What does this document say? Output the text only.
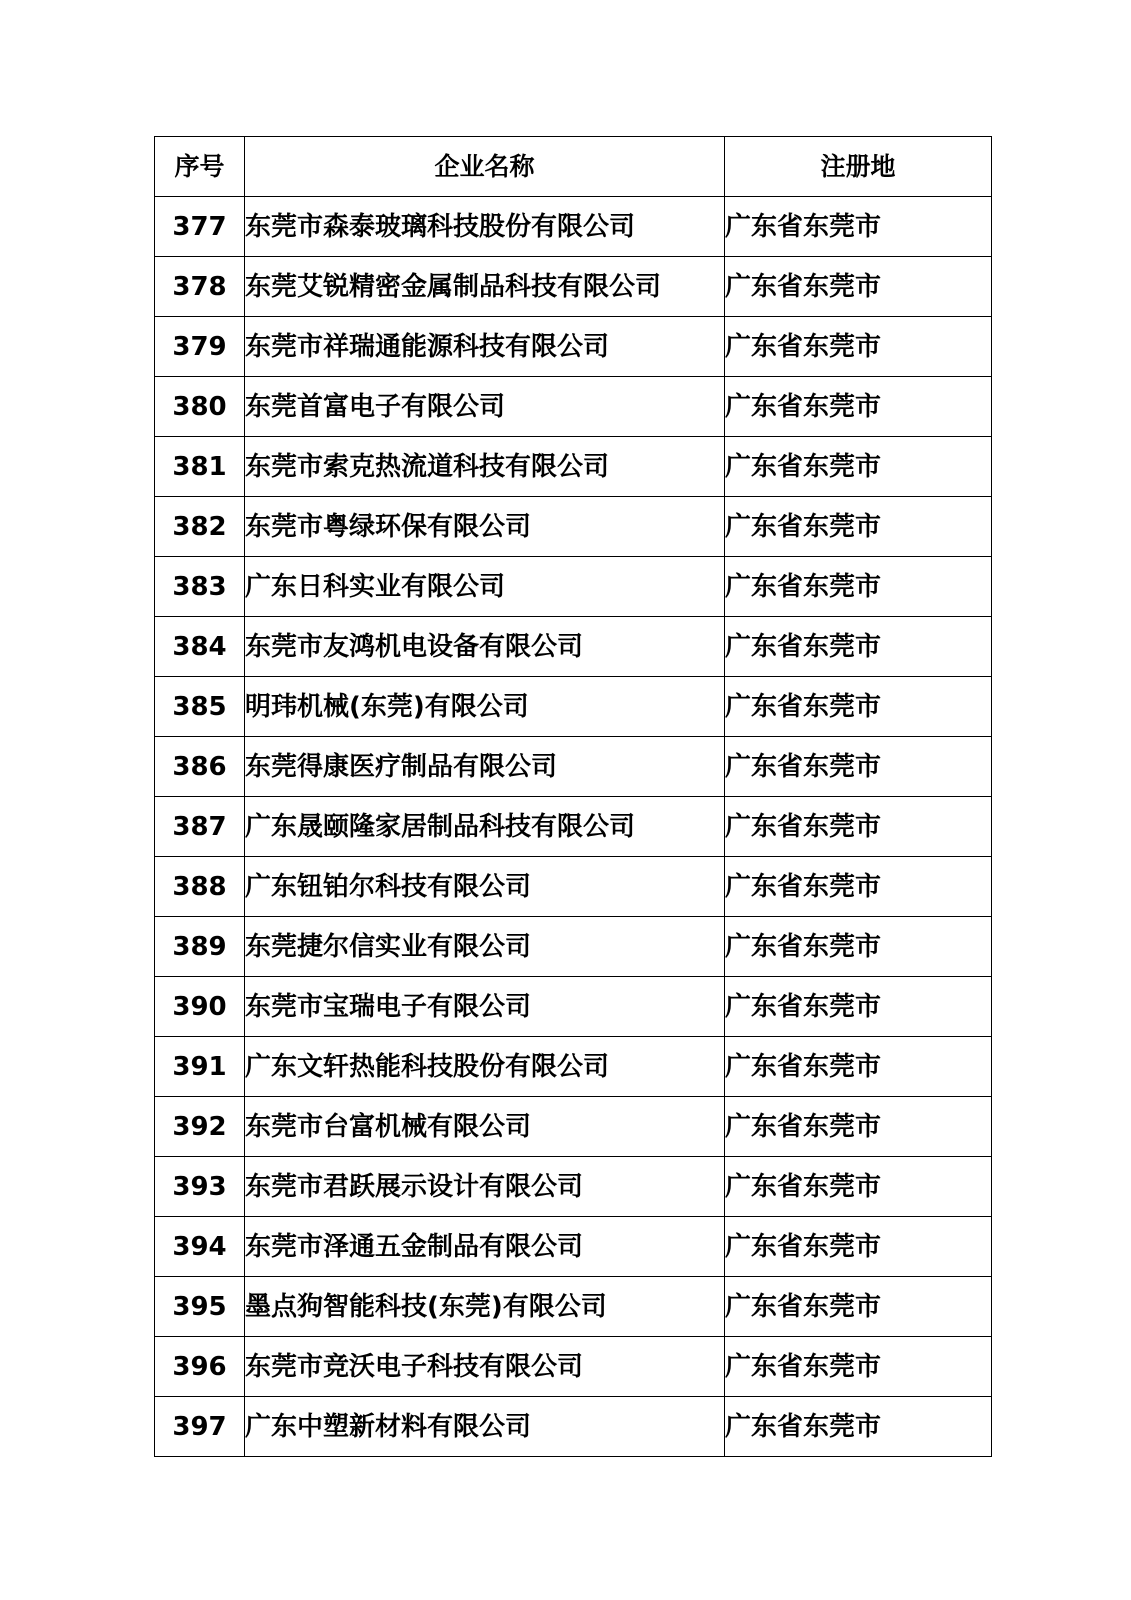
序号	企业名称	注册地
377	东莞市森泰玻璃科技股份有限公司	广东省东莞市
378	东莞艾锐精密金属制品科技有限公司	广东省东莞市
379	东莞市祥瑞通能源科技有限公司	广东省东莞市
380	东莞首富电子有限公司	广东省东莞市
381	东莞市索克热流道科技有限公司	广东省东莞市
382	东莞市粤绿环保有限公司	广东省东莞市
383	广东日科实业有限公司	广东省东莞市
384	东莞市友鸿机电设备有限公司	广东省东莞市
385	明玮机械(东莞)有限公司	广东省东莞市
386	东莞得康医疗制品有限公司	广东省东莞市
387	广东晟颐隆家居制品科技有限公司	广东省东莞市
388	广东钮铂尔科技有限公司	广东省东莞市
389	东莞捷尔信实业有限公司	广东省东莞市
390	东莞市宝瑞电子有限公司	广东省东莞市
391	广东文轩热能科技股份有限公司	广东省东莞市
392	东莞市台富机械有限公司	广东省东莞市
393	东莞市君跃展示设计有限公司	广东省东莞市
394	东莞市泽通五金制品有限公司	广东省东莞市
395	墨点狗智能科技(东莞)有限公司	广东省东莞市
396	东莞市竞沃电子科技有限公司	广东省东莞市
397	广东中塑新材料有限公司	广东省东莞市
